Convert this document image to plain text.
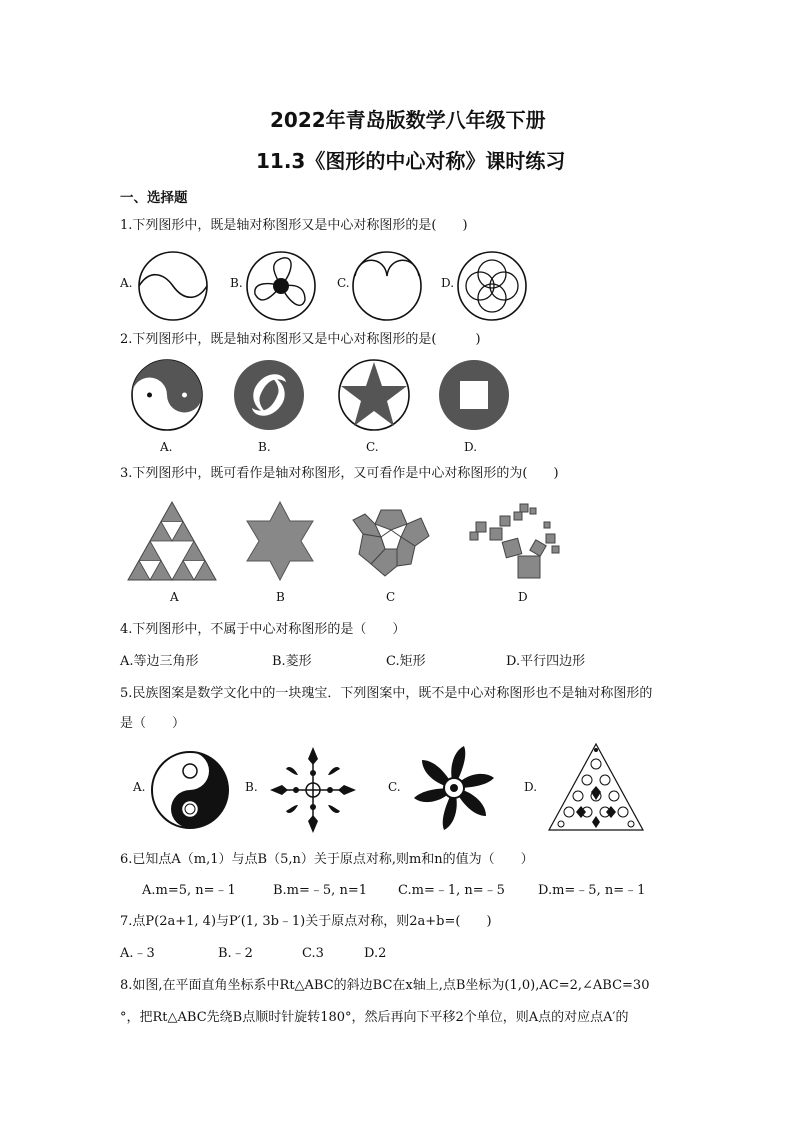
2022年青岛版数学八年级下册
11.3《图形的中心对称》课时练习
一、选择题
1.下列图形中，既是轴对称图形又是中心对称图形的是(　　)
A.	B.	C.	D.
2.下列图形中，既是轴对称图形又是中心对称图形的是(　　　)
A.	B.	C.	D.
3.下列图形中，既可看作是轴对称图形，又可看作是中心对称图形的为(　　)
A	B	C	D
4.下列图形中，不属于中心对称图形的是（　　）
A.等边三角形	B.菱形	C.矩形	D.平行四边形
5.民族图案是数学文化中的一块瑰宝．下列图案中，既不是中心对称图形也不是轴对称图形的
是（　　）
A.	B.	C.	D.
6.已知点A（m,1）与点B（5,n）关于原点对称,则m和n的值为（　　）
A.m=5, n=﹣1	B.m=﹣5, n=1 C.m=﹣1, n=﹣5	D.m=﹣5, n=﹣1
7.点P(2a+1, 4)与P′(1, 3b﹣1)关于原点对称，则2a+b=(　　)
A.﹣3	B.﹣2	C.3	D.2
8.如图,在平面直角坐标系中Rt△ABC的斜边BC在x轴上,点B坐标为(1,0),AC=2,∠ABC=30
°，把Rt△ABC先绕B点顺时针旋转180°，然后再向下平移2个单位，则A点的对应点A′的
